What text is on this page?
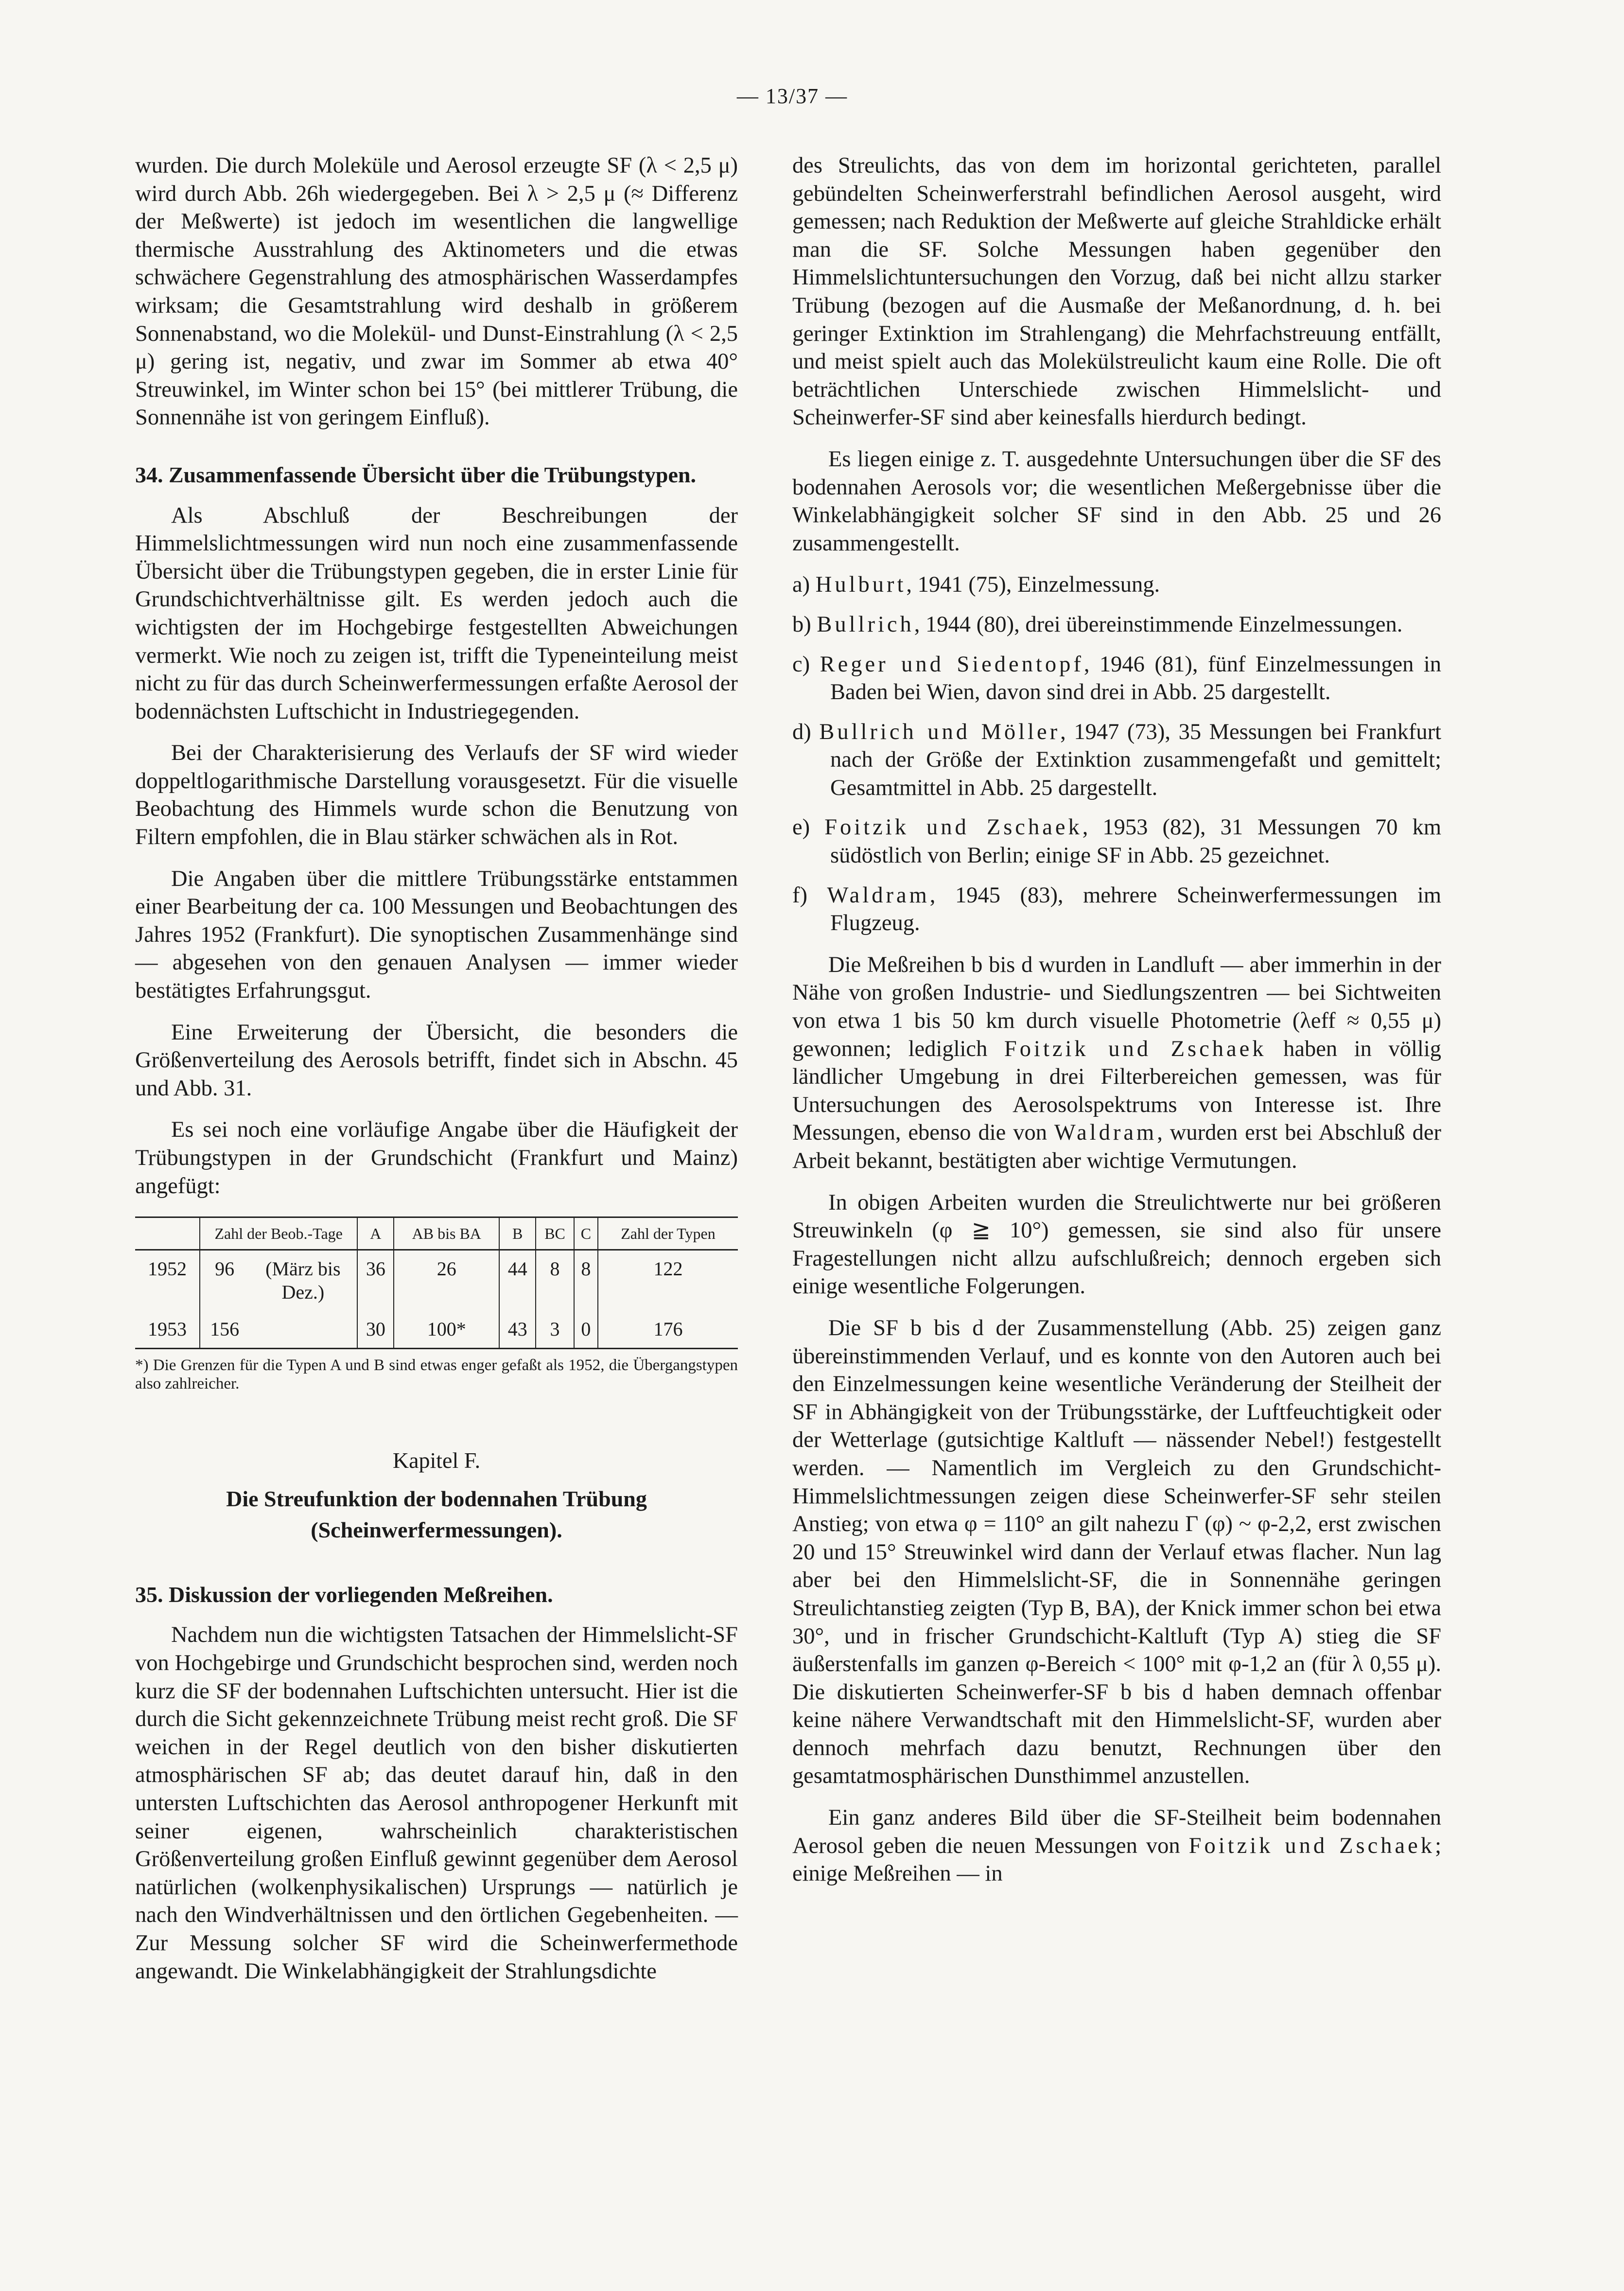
— 13/37 —

wurden. Die durch Moleküle und Aerosol erzeugte SF (λ < 2,5 μ) wird durch Abb. 26h wiedergegeben. Bei λ > 2,5 μ (≈ Differenz der Meßwerte) ist jedoch im wesentlichen die langwellige thermische Ausstrahlung des Aktinometers und die etwas schwächere Gegenstrahlung des atmosphärischen Wasserdampfes wirksam; die Gesamtstrahlung wird deshalb in größerem Sonnenabstand, wo die Molekül- und Dunst-Einstrahlung (λ < 2,5 μ) gering ist, negativ, und zwar im Sommer ab etwa 40° Streuwinkel, im Winter schon bei 15° (bei mittlerer Trübung, die Sonnennähe ist von geringem Einfluß).

34. Zusammenfassende Übersicht über die Trübungstypen.

Als Abschluß der Beschreibungen der Himmelslichtmessungen wird nun noch eine zusammenfassende Übersicht über die Trübungstypen gegeben, die in erster Linie für Grundschichtverhältnisse gilt. Es werden jedoch auch die wichtigsten der im Hochgebirge festgestellten Abweichungen vermerkt. Wie noch zu zeigen ist, trifft die Typeneinteilung meist nicht zu für das durch Scheinwerfermessungen erfaßte Aerosol der bodennächsten Luftschicht in Industriegegenden.

Bei der Charakterisierung des Verlaufs der SF wird wieder doppeltlogarithmische Darstellung vorausgesetzt. Für die visuelle Beobachtung des Himmels wurde schon die Benutzung von Filtern empfohlen, die in Blau stärker schwächen als in Rot.

Die Angaben über die mittlere Trübungsstärke entstammen einer Bearbeitung der ca. 100 Messungen und Beobachtungen des Jahres 1952 (Frankfurt). Die synoptischen Zusammenhänge sind — abgesehen von den genauen Analysen — immer wieder bestätigtes Erfahrungsgut.

Eine Erweiterung der Übersicht, die besonders die Größenverteilung des Aerosols betrifft, findet sich in Abschn. 45 und Abb. 31.

Es sei noch eine vorläufige Angabe über die Häufigkeit der Trübungstypen in der Grundschicht (Frankfurt und Mainz) angefügt:

	Zahl der Beob.-Tage		A	AB bis BA	B	BC	C	Zahl der Typen
1952	96	(März bis Dez.)	36	26	44	8	8	122
1953	156		30	100*	43	3	0	176
*) Die Grenzen für die Typen A und B sind etwas enger gefaßt als 1952, die Übergangstypen also zahlreicher.
Kapitel F.
Die Streufunktion der bodennahen Trübung
(Scheinwerfermessungen).
35. Diskussion der vorliegenden Meßreihen.

Nachdem nun die wichtigsten Tatsachen der Himmelslicht-SF von Hochgebirge und Grundschicht besprochen sind, werden noch kurz die SF der bodennahen Luftschichten untersucht. Hier ist die durch die Sicht gekennzeichnete Trübung meist recht groß. Die SF weichen in der Regel deutlich von den bisher diskutierten atmosphärischen SF ab; das deutet darauf hin, daß in den untersten Luftschichten das Aerosol anthropogener Herkunft mit seiner eigenen, wahrscheinlich charakteristischen Größenverteilung großen Einfluß gewinnt gegenüber dem Aerosol natürlichen (wolkenphysikalischen) Ursprungs — natürlich je nach den Windverhältnissen und den örtlichen Gegebenheiten. — Zur Messung solcher SF wird die Scheinwerfermethode angewandt. Die Winkelabhängigkeit der Strahlungsdichte

des Streulichts, das von dem im horizontal gerichteten, parallel gebündelten Scheinwerferstrahl befindlichen Aerosol ausgeht, wird gemessen; nach Reduktion der Meßwerte auf gleiche Strahldicke erhält man die SF. Solche Messungen haben gegenüber den Himmelslichtuntersuchungen den Vorzug, daß bei nicht allzu starker Trübung (bezogen auf die Ausmaße der Meßanordnung, d. h. bei geringer Extinktion im Strahlengang) die Mehrfachstreuung entfällt, und meist spielt auch das Molekülstreulicht kaum eine Rolle. Die oft beträchtlichen Unterschiede zwischen Himmelslicht- und Scheinwerfer-SF sind aber keinesfalls hierdurch bedingt.

Es liegen einige z. T. ausgedehnte Untersuchungen über die SF des bodennahen Aerosols vor; die wesentlichen Meßergebnisse über die Winkelabhängigkeit solcher SF sind in den Abb. 25 und 26 zusammengestellt.

a) Hulburt, 1941 (75), Einzelmessung.
b) Bullrich, 1944 (80), drei übereinstimmende Einzelmessungen.
c) Reger und Siedentopf, 1946 (81), fünf Einzelmessungen in Baden bei Wien, davon sind drei in Abb. 25 dargestellt.
d) Bullrich und Möller, 1947 (73), 35 Messungen bei Frankfurt nach der Größe der Extinktion zusammengefaßt und gemittelt; Gesamtmittel in Abb. 25 dargestellt.
e) Foitzik und Zschaek, 1953 (82), 31 Messungen 70 km südöstlich von Berlin; einige SF in Abb. 25 gezeichnet.
f) Waldram, 1945 (83), mehrere Scheinwerfermessungen im Flugzeug.

Die Meßreihen b bis d wurden in Landluft — aber immerhin in der Nähe von großen Industrie- und Siedlungszentren — bei Sichtweiten von etwa 1 bis 50 km durch visuelle Photometrie (λeff ≈ 0,55 μ) gewonnen; lediglich Foitzik und Zschaek haben in völlig ländlicher Umgebung in drei Filterbereichen gemessen, was für Untersuchungen des Aerosolspektrums von Interesse ist. Ihre Messungen, ebenso die von Waldram, wurden erst bei Abschluß der Arbeit bekannt, bestätigten aber wichtige Vermutungen.

In obigen Arbeiten wurden die Streulichtwerte nur bei größeren Streuwinkeln (φ ≧ 10°) gemessen, sie sind also für unsere Fragestellungen nicht allzu aufschlußreich; dennoch ergeben sich einige wesentliche Folgerungen.

Die SF b bis d der Zusammenstellung (Abb. 25) zeigen ganz übereinstimmenden Verlauf, und es konnte von den Autoren auch bei den Einzelmessungen keine wesentliche Veränderung der Steilheit der SF in Abhängigkeit von der Trübungsstärke, der Luftfeuchtigkeit oder der Wetterlage (gutsichtige Kaltluft — nässender Nebel!) festgestellt werden. — Namentlich im Vergleich zu den Grundschicht-Himmelslichtmessungen zeigen diese Scheinwerfer-SF sehr steilen Anstieg; von etwa φ = 110° an gilt nahezu Γ (φ) ~ φ-2,2, erst zwischen 20 und 15° Streuwinkel wird dann der Verlauf etwas flacher. Nun lag aber bei den Himmelslicht-SF, die in Sonnennähe geringen Streulichtanstieg zeigten (Typ B, BA), der Knick immer schon bei etwa 30°, und in frischer Grundschicht-Kaltluft (Typ A) stieg die SF äußerstenfalls im ganzen φ-Bereich < 100° mit φ-1,2 an (für λ 0,55 μ). Die diskutierten Scheinwerfer-SF b bis d haben demnach offenbar keine nähere Verwandtschaft mit den Himmelslicht-SF, wurden aber dennoch mehrfach dazu benutzt, Rechnungen über den gesamtatmosphärischen Dunsthimmel anzustellen.

Ein ganz anderes Bild über die SF-Steilheit beim bodennahen Aerosol geben die neuen Messungen von Foitzik und Zschaek; einige Meßreihen — in
